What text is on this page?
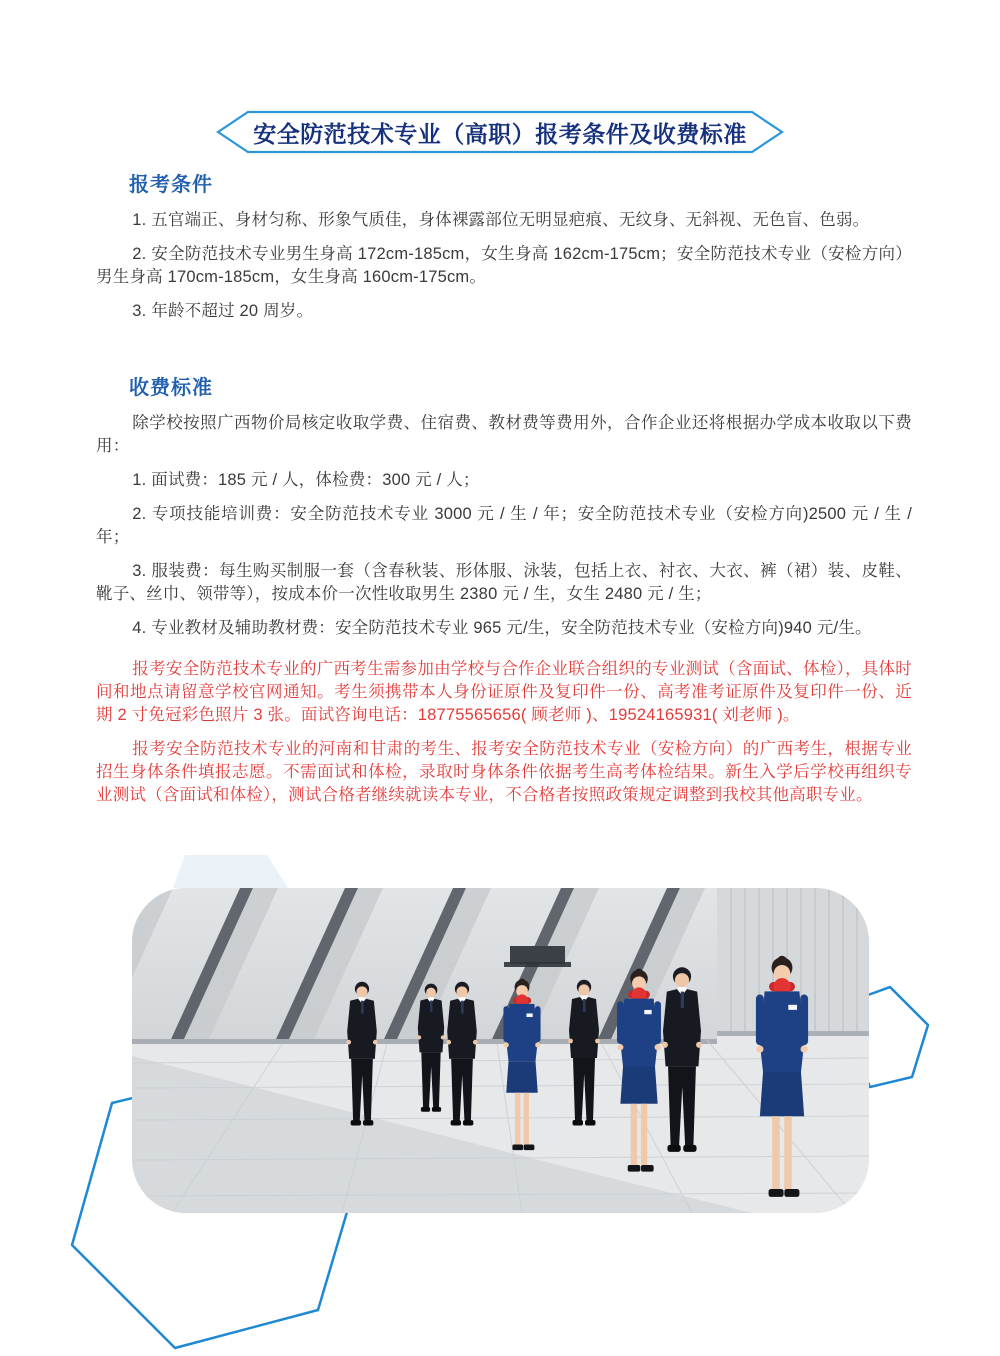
安全防范技术专业（高职）报考条件及收费标准
报考条件

1. 五官端正、身材匀称、形象气质佳，身体裸露部位无明显疤痕、无纹身、无斜视、无色盲、色弱。

2. 安全防范技术专业男生身高 172cm-185cm，女生身高 162cm-175cm；安全防范技术专业（安检方向）男生身高 170cm-185cm，女生身高 160cm-175cm。

3. 年龄不超过 20 周岁。

收费标准

除学校按照广西物价局核定收取学费、住宿费、教材费等费用外，合作企业还将根据办学成本收取以下费用：

1. 面试费：185 元 / 人，体检费：300 元 / 人；

2. 专项技能培训费：安全防范技术专业 3000 元 / 生 / 年；安全防范技术专业（安检方向)2500 元 / 生 / 年；

3. 服装费：每生购买制服一套（含春秋装、形体服、泳装，包括上衣、衬衣、大衣、裤（裙）装、皮鞋、靴子、丝巾、领带等），按成本价一次性收取男生 2380 元 / 生，女生 2480 元 / 生；

4. 专业教材及辅助教材费：安全防范技术专业 965 元/生，安全防范技术专业（安检方向)940 元/生。

报考安全防范技术专业的广西考生需参加由学校与合作企业联合组织的专业测试（含面试、体检），具体时间和地点请留意学校官网通知。考生须携带本人身份证原件及复印件一份、高考准考证原件及复印件一份、近期 2 寸免冠彩色照片 3 张。面试咨询电话：18775565656( 顾老师 )、19524165931( 刘老师 )。

报考安全防范技术专业的河南和甘肃的考生、报考安全防范技术专业（安检方向）的广西考生，根据专业招生身体条件填报志愿。不需面试和体检，录取时身体条件依据考生高考体检结果。新生入学后学校再组织专业测试（含面试和体检），测试合格者继续就读本专业，不合格者按照政策规定调整到我校其他高职专业。
